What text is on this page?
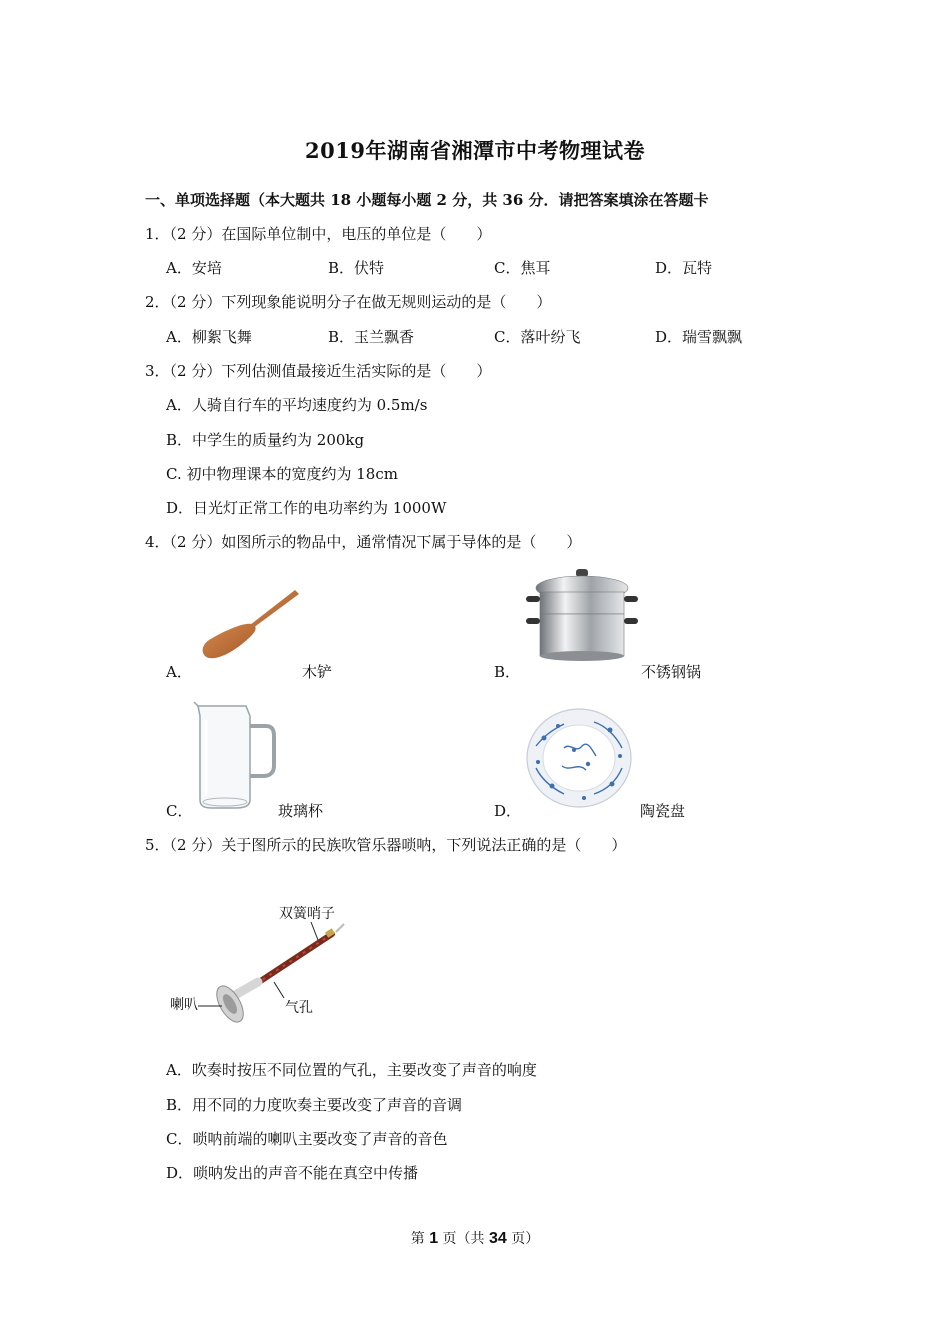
2019年湖南省湘潭市中考物理试卷
一、单项选择题（本大题共 18 小题每小题 2 分，共 36 分．请把答案填涂在答题卡
1．（2 分）在国际单位制中，电压的单位是（　　）
A．安培	B．伏特	C．焦耳	D．瓦特
2．（2 分）下列现象能说明分子在做无规则运动的是（　　）
A．柳絮飞舞	B．玉兰飘香	C．落叶纷飞	D．瑞雪飘飘
3．（2 分）下列估测值最接近生活实际的是（　　）
A．人骑自行车的平均速度约为 0.5m/s
B．中学生的质量约为 200kg
C. 初中物理课本的宽度约为 18cm
D．日光灯正常工作的电功率约为 1000W
4．（2 分）如图所示的物品中，通常情况下属于导体的是（　　）
A．	木铲	B．	不锈钢锅
C．	玻璃杯	D．	陶瓷盘
5．（2 分）关于图所示的民族吹管乐器唢呐，下列说法正确的是（　　）
双簧哨子
喇叭	气孔
A．吹奏时按压不同位置的气孔，主要改变了声音的响度
B．用不同的力度吹奏主要改变了声音的音调
C．唢呐前端的喇叭主要改变了声音的音色
D．唢呐发出的声音不能在真空中传播
第 1 页（共 34 页）
